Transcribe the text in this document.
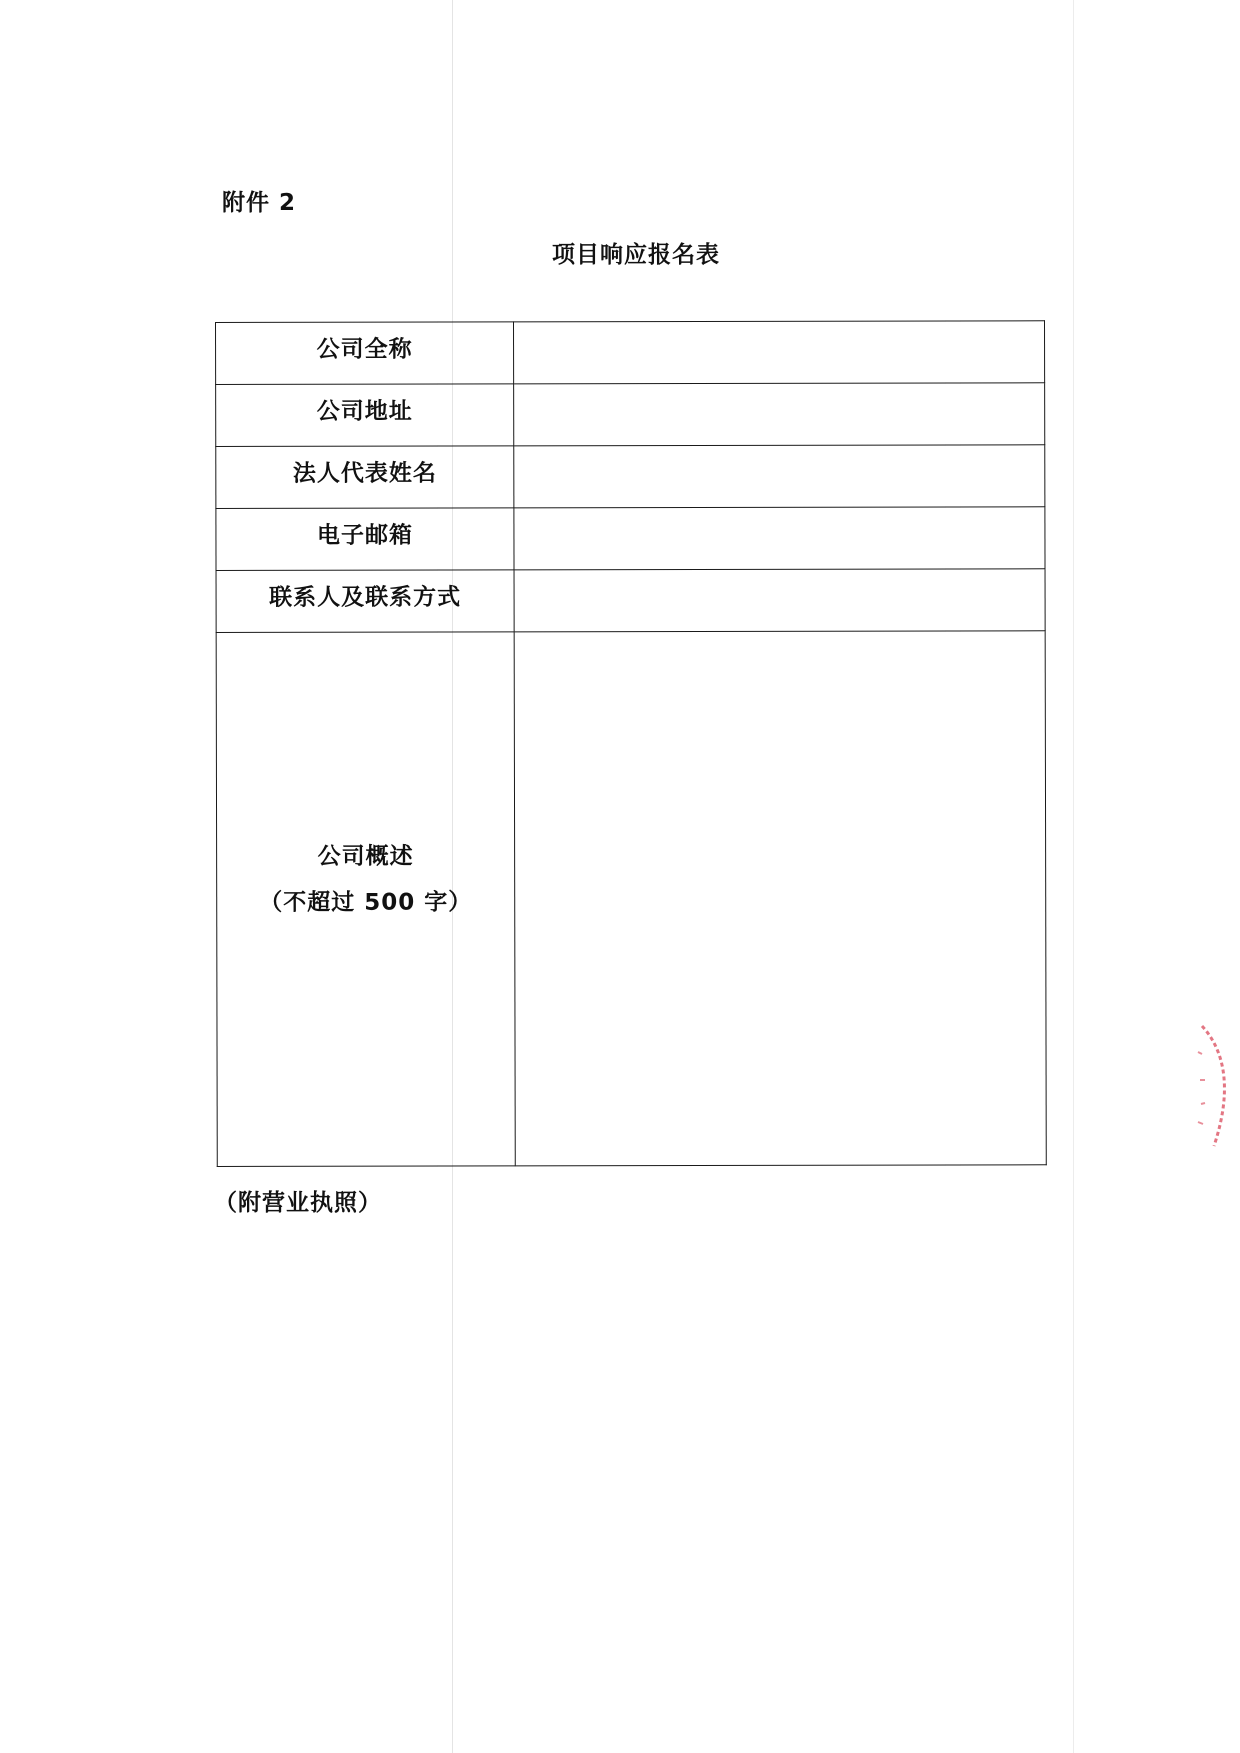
附件 2
项目响应报名表
公司全称	
公司地址	
法人代表姓名	
电子邮箱	
联系人及联系方式	

公司概述
（不超过 500 字）	

（附营业执照）
